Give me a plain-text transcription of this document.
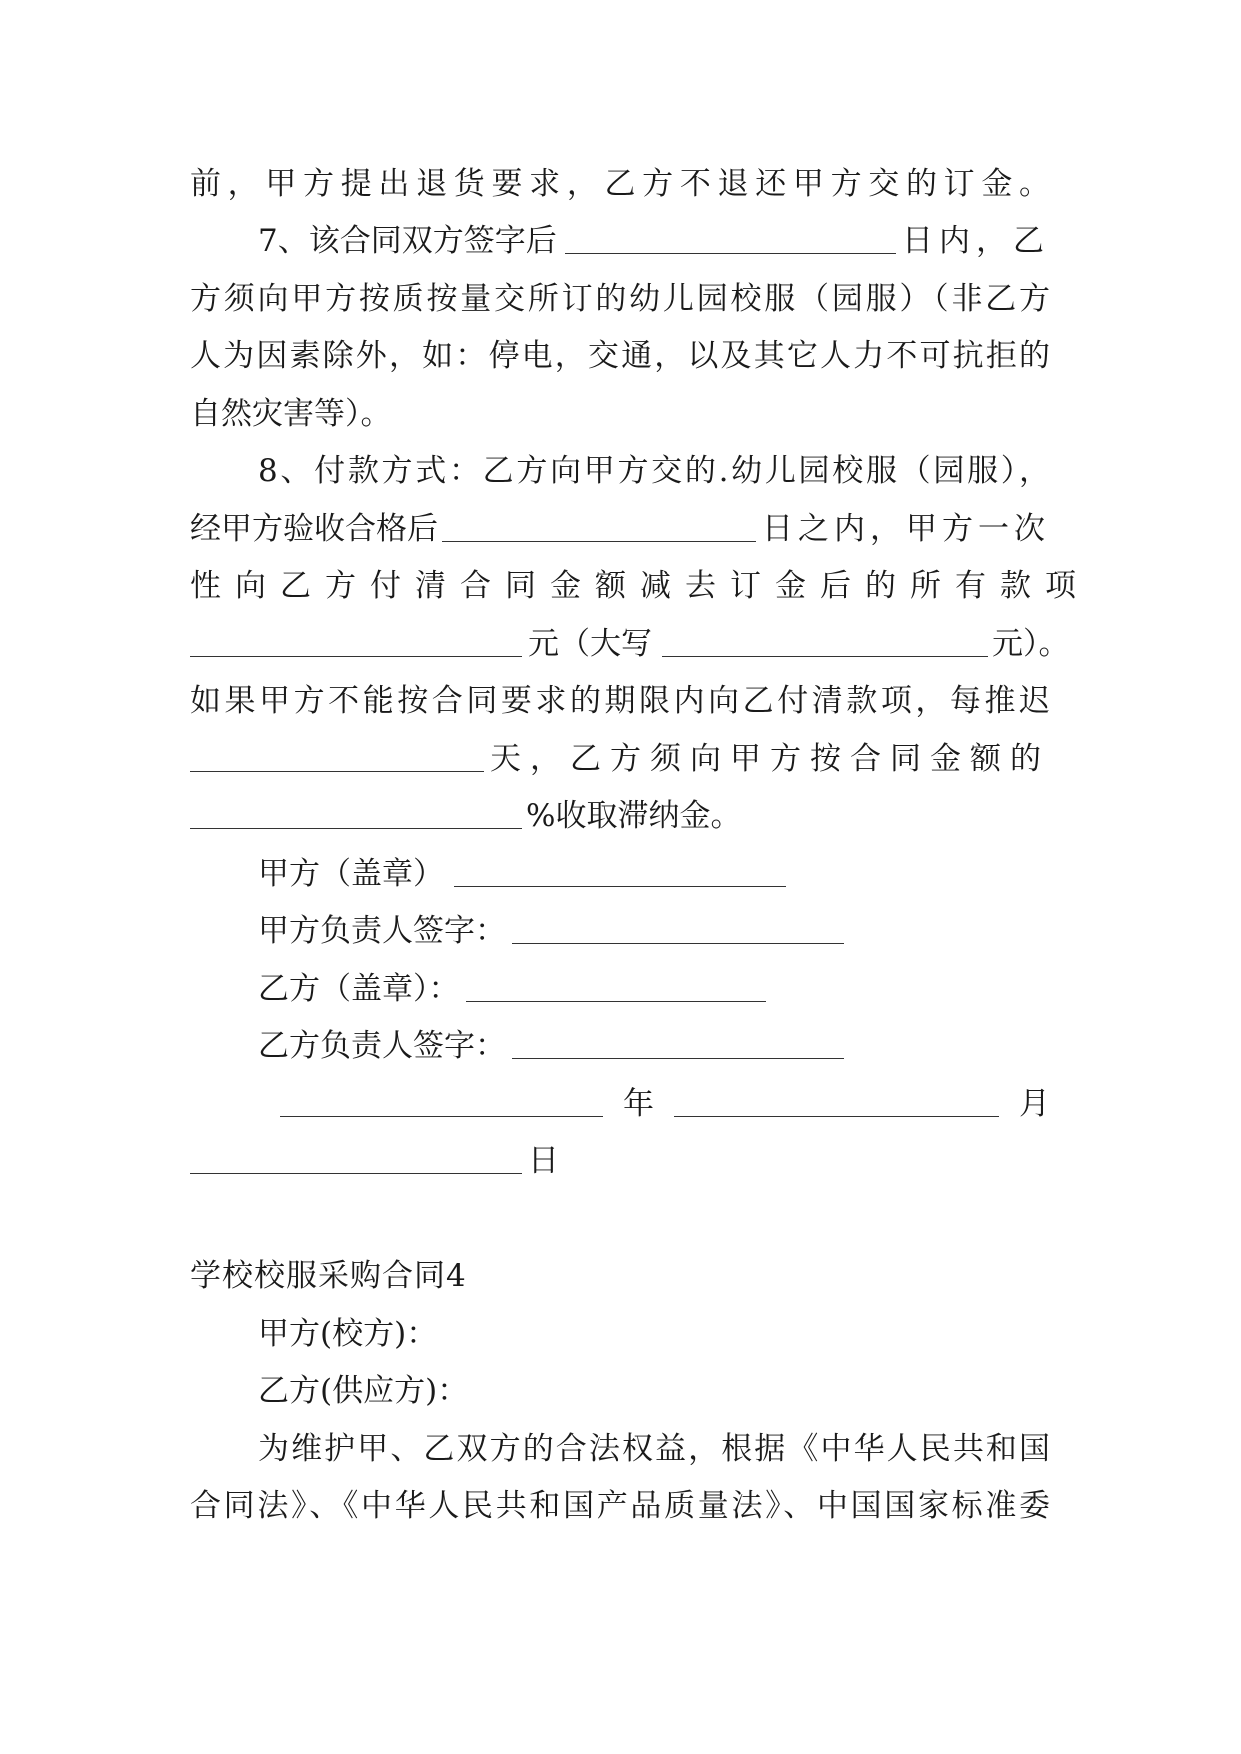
前，甲方提出退货要求，乙方不退还甲方交的订金。
7、该合同双方签字后	日内，乙
方须向甲方按质按量交所订的幼儿园校服（园服）（非乙方
人为因素除外，如：停电，交通，以及其它人力不可抗拒的
自然灾害等）。
8、付款方式：乙方向甲方交的.幼儿园校服（园服），
经甲方验收合格后	日之内，甲方一次
性向乙方付清合同金额减去订金后的所有款项
元（大写	元）。
如果甲方不能按合同要求的期限内向乙付清款项，每推迟
天，乙方须向甲方按合同金额的
%收取滞纳金。
甲方（盖章）
甲方负责人签字：
乙方（盖章）：
乙方负责人签字：
年	月
日
学校校服采购合同4
甲方(校方)：
乙方(供应方)：
为维护甲、乙双方的合法权益，根据《中华人民共和国
合同法》、《中华人民共和国产品质量法》、中国国家标准委
